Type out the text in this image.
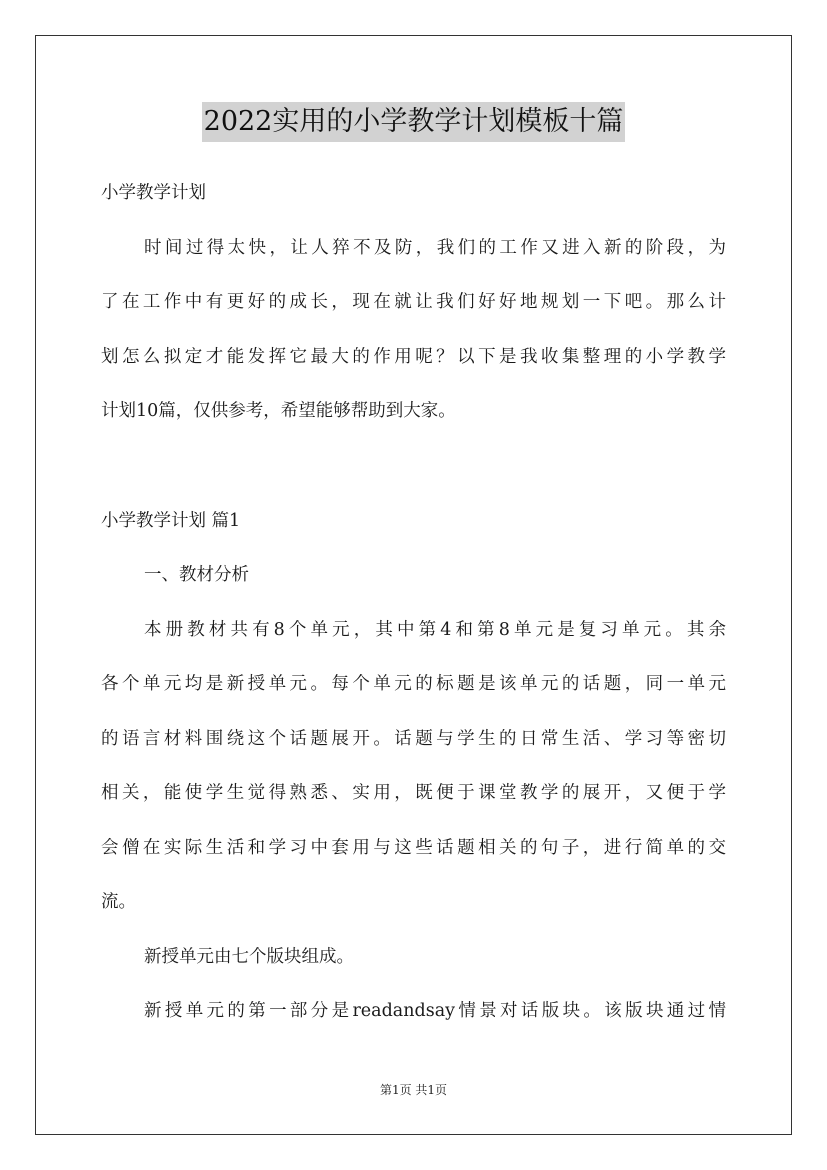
2022实用的小学教学计划模板十篇
小学教学计划
时间过得太快，让人猝不及防，我们的工作又进入新的阶段，为
了在工作中有更好的成长，现在就让我们好好地规划一下吧。那么计
划怎么拟定才能发挥它最大的作用呢？以下是我收集整理的小学教学
计划10篇，仅供参考，希望能够帮助到大家。
小学教学计划 篇1
一、教材分析
本册教材共有8个单元，其中第4和第8单元是复习单元。其余
各个单元均是新授单元。每个单元的标题是该单元的话题，同一单元
的语言材料围绕这个话题展开。话题与学生的日常生活、学习等密切
相关，能使学生觉得熟悉、实用，既便于课堂教学的展开，又便于学
会僧在实际生活和学习中套用与这些话题相关的句子，进行简单的交
流。
新授单元由七个版块组成。
新授单元的第一部分是readandsay情景对话版块。该版块通过情
第1页 共1页
